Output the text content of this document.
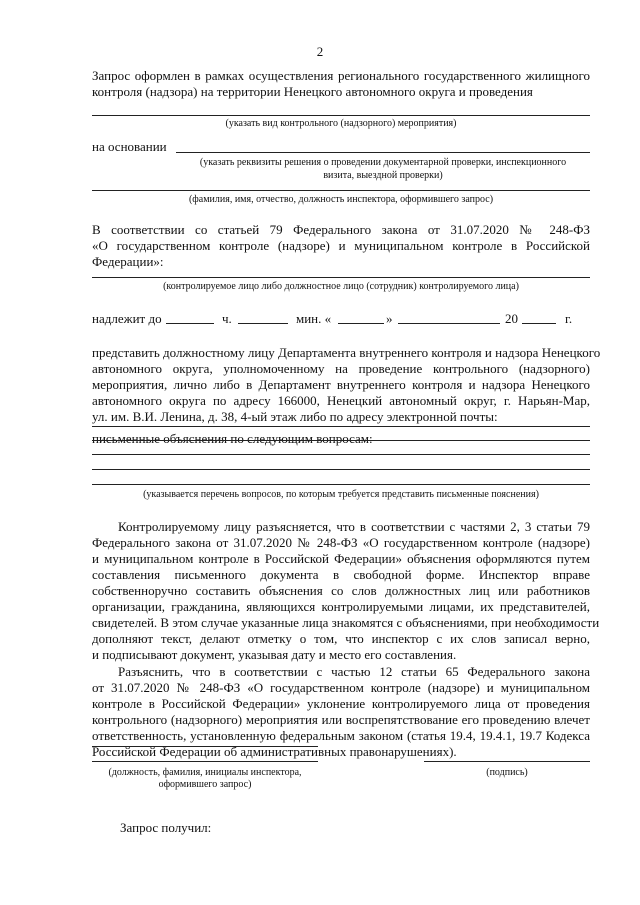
2
Запрос оформлен в рамках осуществления регионального государственного жилищного
контроля (надзора) на территории Ненецкого автономного округа и проведения
(указать вид контрольного (надзорного) мероприятия)
на основании
(указать реквизиты решения о проведении документарной проверки, инспекционного
визита, выездной проверки)
(фамилия, имя, отчество, должность инспектора, оформившего запрос)
В соответствии со статьей 79 Федерального закона от 31.07.2020 № 248-ФЗ
«О государственном контроле (надзоре) и муниципальном контроле в Российской
Федерации»:
(контролируемое лицо либо должностное лицо (сотрудник) контролируемого лица)
надлежит до	ч.	мин. «	»	20	г.
представить должностному лицу Департамента внутреннего контроля и надзора Ненецкого
автономного округа, уполномоченному на проведение контрольного (надзорного)
мероприятия, лично либо в Департамент внутреннего контроля и надзора Ненецкого
автономного округа по адресу 166000, Ненецкий автономный округ, г. Нарьян-Мар,
ул. им. В.И. Ленина, д. 38, 4-ый этаж либо по адресу электронной почты:
письменные объяснения по следующим вопросам:
(указывается перечень вопросов, по которым требуется представить письменные пояснения)
Контролируемому лицу разъясняется, что в соответствии с частями 2, 3 статьи 79
Федерального закона от 31.07.2020 № 248-ФЗ «О государственном контроле (надзоре)
и муниципальном контроле в Российской Федерации» объяснения оформляются путем
составления письменного документа в свободной форме. Инспектор вправе
собственноручно составить объяснения со слов должностных лиц или работников
организации, гражданина, являющихся контролируемыми лицами, их представителей,
свидетелей. В этом случае указанные лица знакомятся с объяснениями, при необходимости
дополняют текст, делают отметку о том, что инспектор с их слов записал верно,
и подписывают документ, указывая дату и место его составления.
Разъяснить, что в соответствии с частью 12 статьи 65 Федерального закона
от 31.07.2020 № 248-ФЗ «О государственном контроле (надзоре) и муниципальном
контроле в Российской Федерации» уклонение контролируемого лица от проведения
контрольного (надзорного) мероприятия или воспрепятствование его проведению влечет
ответственность, установленную федеральным законом (статья 19.4, 19.4.1, 19.7 Кодекса
Российской Федерации об административных правонарушениях).
(должность, фамилия, инициалы инспектора,
оформившего запрос)
(подпись)
Запрос получил:
